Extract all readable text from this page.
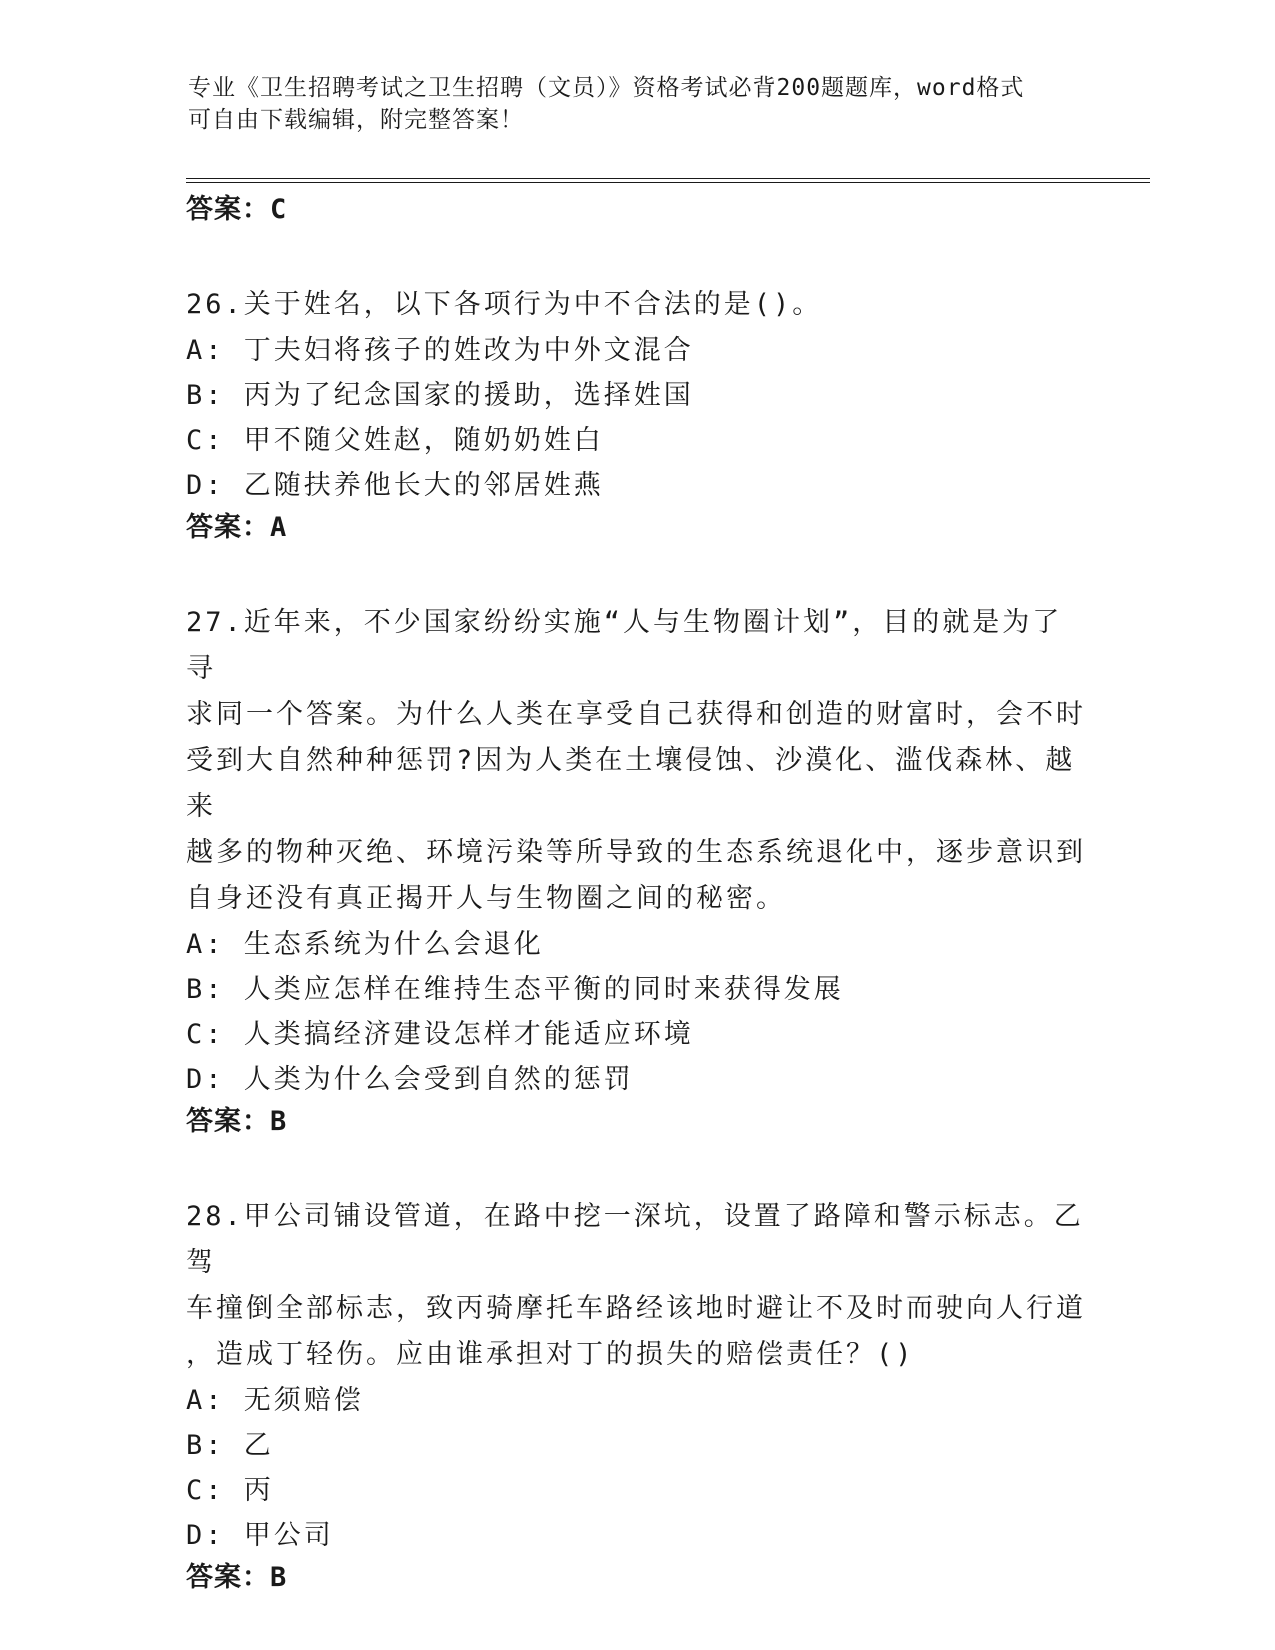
专业《卫生招聘考试之卫生招聘（文员）》资格考试必背200题题库，word格式
可自由下载编辑，附完整答案！
答案：C

26.关于姓名，以下各项行为中不合法的是()。

A: 丁夫妇将孩子的姓改为中外文混合

B: 丙为了纪念国家的援助，选择姓国

C: 甲不随父姓赵，随奶奶姓白

D: 乙随扶养他长大的邻居姓燕

答案：A

27.近年来，不少国家纷纷实施“人与生物圈计划”，目的就是为了寻

求同一个答案。为什么人类在享受自己获得和创造的财富时，会不时

受到大自然种种惩罚?因为人类在土壤侵蚀、沙漠化、滥伐森林、越来

越多的物种灭绝、环境污染等所导致的生态系统退化中，逐步意识到

自身还没有真正揭开人与生物圈之间的秘密。

A: 生态系统为什么会退化

B: 人类应怎样在维持生态平衡的同时来获得发展

C: 人类搞经济建设怎样才能适应环境

D: 人类为什么会受到自然的惩罚

答案：B

28.甲公司铺设管道，在路中挖一深坑，设置了路障和警示标志。乙驾

车撞倒全部标志，致丙骑摩托车路经该地时避让不及时而驶向人行道

，造成丁轻伤。应由谁承担对丁的损失的赔偿责任？()

A: 无须赔偿

B: 乙

C: 丙

D: 甲公司

答案：B
